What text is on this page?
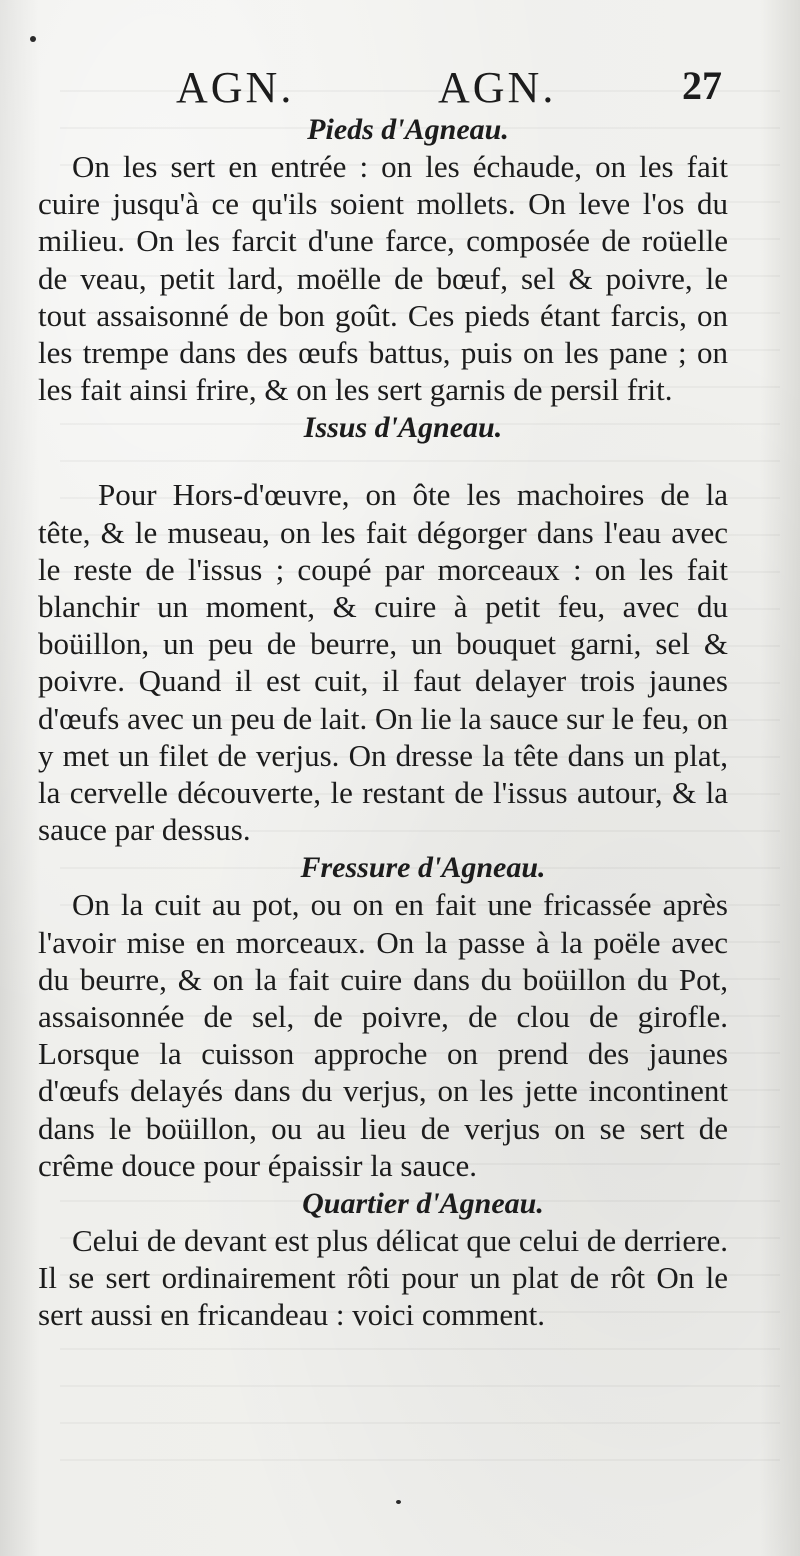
AGN.	AGN.	27
Pieds d'Agneau.

On les sert en entrée : on les échaude, on les fait cuire jusqu'à ce qu'ils soient mollets. On leve l'os du milieu. On les farcit d'une farce, composée de roüelle de veau, petit lard, moëlle de bœuf, sel & poivre, le tout assaisonné de bon goût. Ces pieds étant farcis, on les trempe dans des œufs battus, puis on les pane ; on les fait ainsi frire, & on les sert garnis de persil frit.

Issus d'Agneau.

Pour Hors-d'œuvre, on ôte les machoires de la tête, & le museau, on les fait dégorger dans l'eau avec le reste de l'issus ; coupé par morceaux : on les fait blanchir un moment, & cuire à petit feu, avec du boüillon, un peu de beurre, un bouquet garni, sel & poivre. Quand il est cuit, il faut delayer trois jaunes d'œufs avec un peu de lait. On lie la sauce sur le feu, on y met un filet de verjus. On dresse la tête dans un plat, la cervelle découverte, le restant de l'issus autour, & la sauce par dessus.

Fressure d'Agneau.

On la cuit au pot, ou on en fait une fricassée après l'avoir mise en morceaux. On la passe à la poële avec du beurre, & on la fait cuire dans du boüillon du Pot, assaisonnée de sel, de poivre, de clou de girofle. Lorsque la cuisson approche on prend des jaunes d'œufs delayés dans du verjus, on les jette incontinent dans le boüillon, ou au lieu de verjus on se sert de crême douce pour épaissir la sauce.

Quartier d'Agneau.

Celui de devant est plus délicat que celui de derriere. Il se sert ordinairement rôti pour un plat de rôt On le sert aussi en fricandeau : voici comment.
